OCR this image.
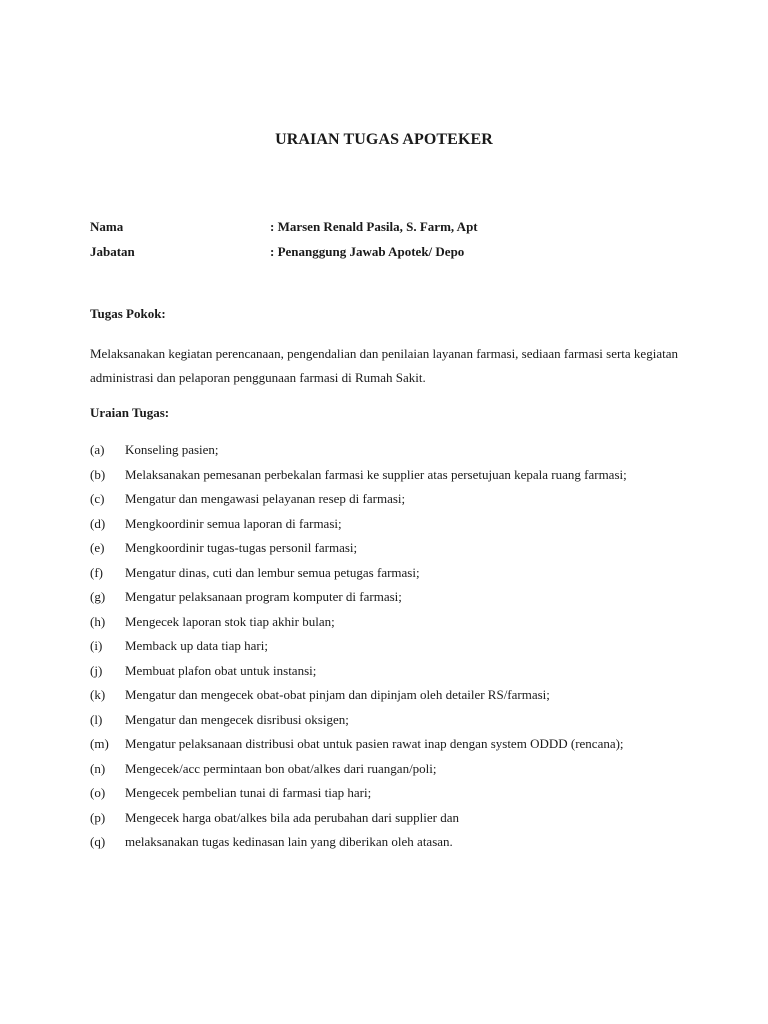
URAIAN TUGAS APOTEKER
Nama	: Marsen Renald Pasila, S. Farm, Apt
Jabatan	: Penanggung Jawab Apotek/ Depo
Tugas Pokok:
Melaksanakan kegiatan perencanaan, pengendalian dan penilaian layanan farmasi, sediaan farmasi serta kegiatan administrasi dan pelaporan penggunaan farmasi di Rumah Sakit.
Uraian Tugas:
(a) Konseling pasien;
(b) Melaksanakan pemesanan perbekalan farmasi ke supplier atas persetujuan kepala ruang farmasi;
(c) Mengatur dan mengawasi pelayanan resep di farmasi;
(d) Mengkoordinir semua laporan di farmasi;
(e) Mengkoordinir tugas-tugas personil farmasi;
(f) Mengatur dinas, cuti dan lembur semua petugas farmasi;
(g) Mengatur pelaksanaan program komputer di farmasi;
(h) Mengecek laporan stok tiap akhir bulan;
(i) Memback up data tiap hari;
(j) Membuat plafon obat untuk instansi;
(k) Mengatur dan mengecek obat-obat pinjam dan dipinjam oleh detailer RS/farmasi;
(l) Mengatur dan mengecek disribusi oksigen;
(m) Mengatur pelaksanaan distribusi obat untuk pasien rawat inap dengan system ODDD (rencana);
(n) Mengecek/acc permintaan bon obat/alkes dari ruangan/poli;
(o) Mengecek pembelian tunai di farmasi tiap hari;
(p) Mengecek harga obat/alkes bila ada perubahan dari supplier dan
(q) melaksanakan tugas kedinasan lain yang diberikan oleh atasan.
